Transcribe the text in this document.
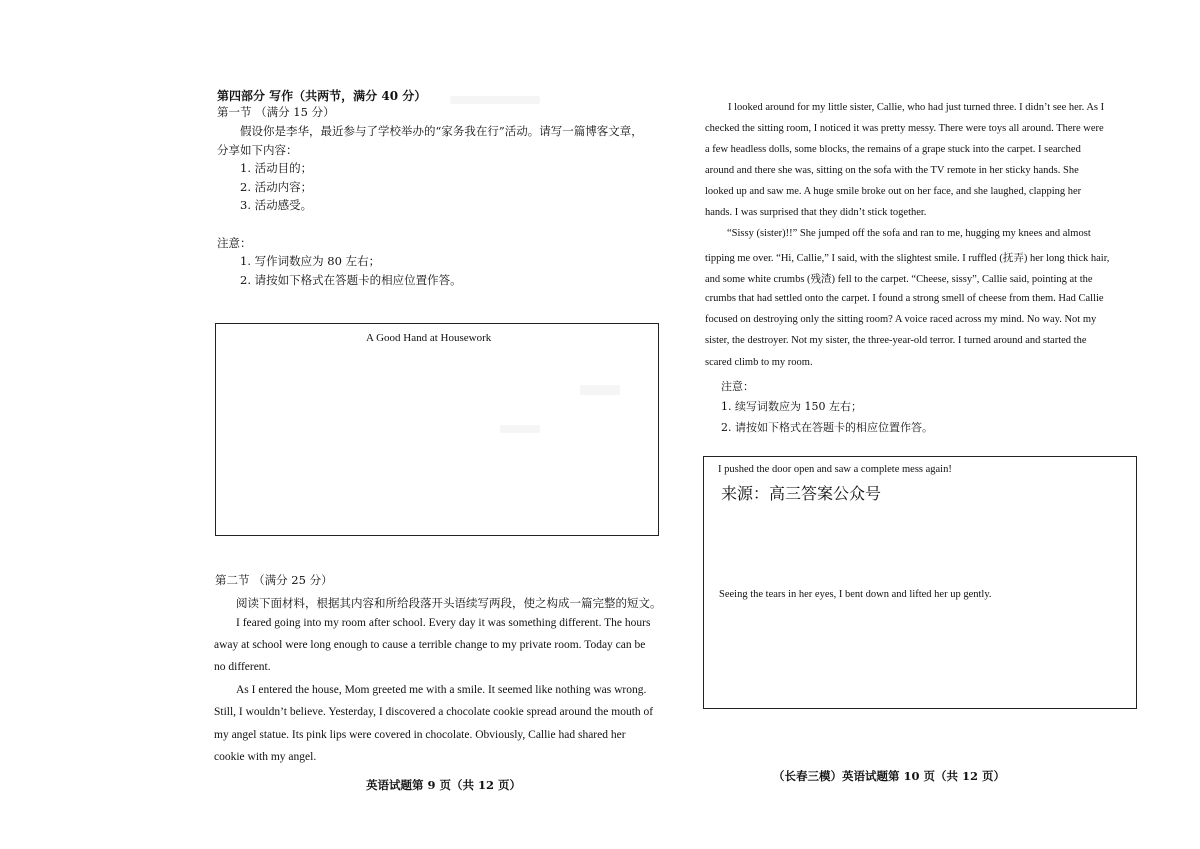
第四部分 写作（共两节，满分 40 分）
第一节 （满分 15 分）
假设你是李华，最近参与了学校举办的“家务我在行”活动。请写一篇博客文章，
分享如下内容：
1. 活动目的；
2. 活动内容；
3. 活动感受。
注意：
1. 写作词数应为 80 左右；
2. 请按如下格式在答题卡的相应位置作答。
A Good Hand at Housework
第二节 （满分 25 分）
阅读下面材料，根据其内容和所给段落开头语续写两段，使之构成一篇完整的短文。
I feared going into my room after school. Every day it was something different. The hours
away at school were long enough to cause a terrible change to my private room. Today can be
no different.
As I entered the house, Mom greeted me with a smile. It seemed like nothing was wrong.
Still, I wouldn’t believe. Yesterday, I discovered a chocolate cookie spread around the mouth of
my angel statue. Its pink lips were covered in chocolate. Obviously, Callie had shared her
cookie with my angel.
英语试题第 9 页（共 12 页）
I looked around for my little sister, Callie, who had just turned three. I didn’t see her. As I
checked the sitting room, I noticed it was pretty messy. There were toys all around. There were
a few headless dolls, some blocks, the remains of a grape stuck into the carpet. I searched
around and there she was, sitting on the sofa with the TV remote in her sticky hands. She
looked up and saw me. A huge smile broke out on her face, and she laughed, clapping her
hands. I was surprised that they didn’t stick together.
“Sissy (sister)!!” She jumped off the sofa and ran to me, hugging my knees and almost
tipping me over. “Hi, Callie,” I said, with the slightest smile. I ruffled (抚弄) her long thick hair,
and some white crumbs (残渣) fell to the carpet. “Cheese, sissy”, Callie said, pointing at the
crumbs that had settled onto the carpet. I found a strong smell of cheese from them. Had Callie
focused on destroying only the sitting room? A voice raced across my mind. No way. Not my
sister, the destroyer. Not my sister, the three-year-old terror. I turned around and started the
scared climb to my room.
注意：
1. 续写词数应为 150 左右；
2. 请按如下格式在答题卡的相应位置作答。
I pushed the door open and saw a complete mess again!
来源：高三答案公众号
Seeing the tears in her eyes, I bent down and lifted her up gently.
（长春三模）英语试题第 10 页（共 12 页）
